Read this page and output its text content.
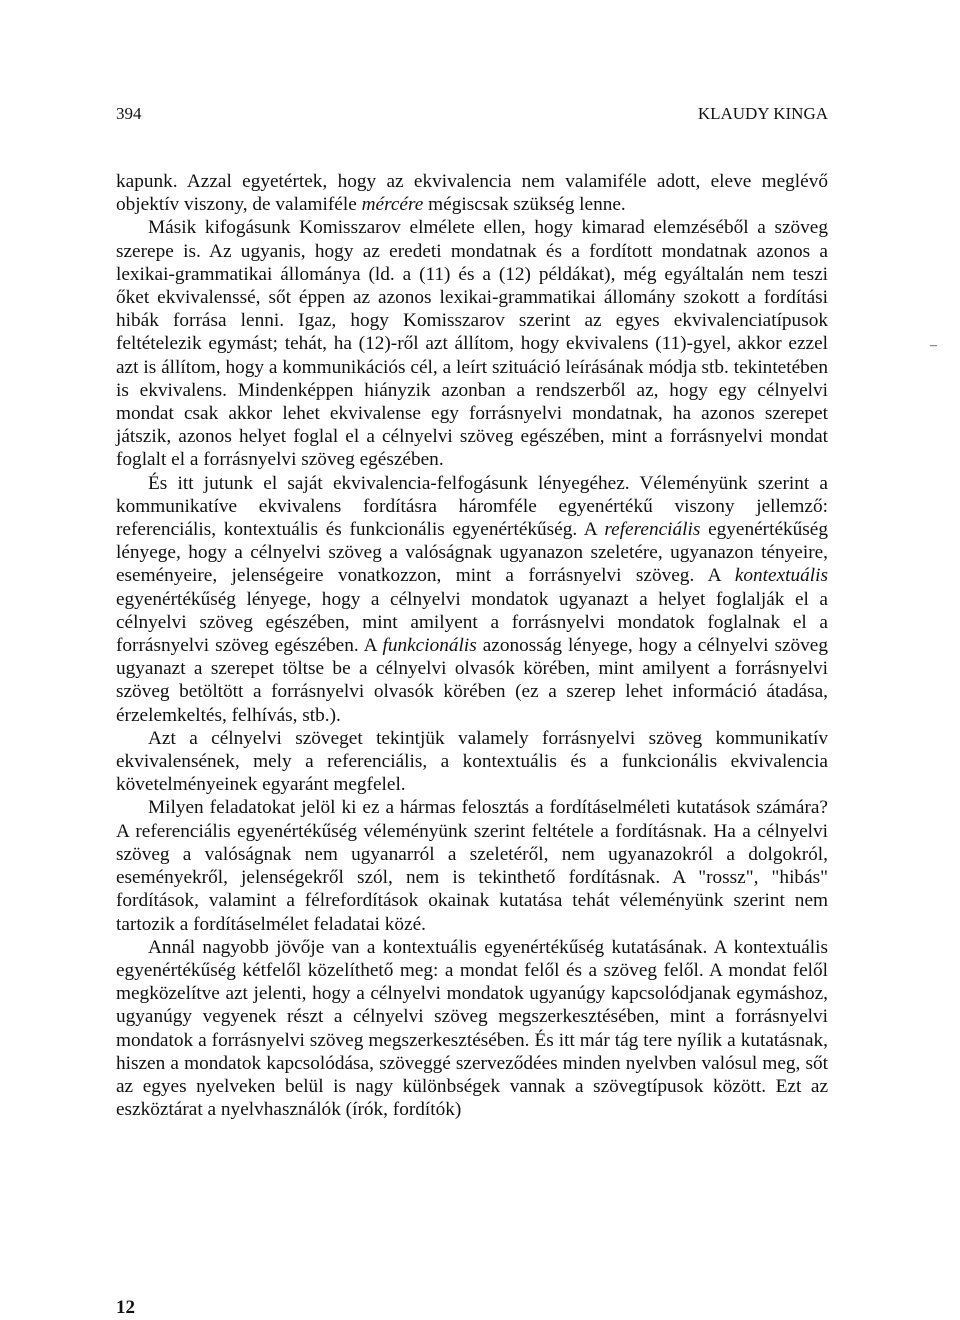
394	KLAUDY KINGA

kapunk. Azzal egyetértek, hogy az ekvivalencia nem valamiféle adott, eleve meglévő objektív viszony, de valamiféle mércére mégiscsak szükség lenne.

Másik kifogásunk Komisszarov elmélete ellen, hogy kimarad elemzéséből a szöveg szerepe is. Az ugyanis, hogy az eredeti mondatnak és a fordított mondatnak azonos a lexikai-grammatikai állománya (ld. a (11) és a (12) példákat), még egyáltalán nem teszi őket ekvivalenssé, sőt éppen az azonos lexikai-grammatikai állomány szokott a fordítási hibák forrása lenni. Igaz, hogy Komisszarov szerint az egyes ekvivalenciatípusok feltételezik egymást; tehát, ha (12)-ről azt állítom, hogy ekvivalens (11)-gyel, akkor ezzel azt is állítom, hogy a kommunikációs cél, a leírt szituáció leírásának módja stb. tekintetében is ekvivalens. Mindenképpen hiányzik azonban a rendszerből az, hogy egy célnyelvi mondat csak akkor lehet ekvivalense egy forrásnyelvi mondatnak, ha azonos szerepet játszik, azonos helyet foglal el a célnyelvi szöveg egészében, mint a forrásnyelvi mondat foglalt el a forrásnyelvi szöveg egészében.

És itt jutunk el saját ekvivalencia-felfogásunk lényegéhez. Véleményünk szerint a kommunikatíve ekvivalens fordításra háromféle egyenértékű viszony jellemző: referenciális, kontextuális és funkcionális egyenértékűség. A referenciális egyenértékűség lényege, hogy a célnyelvi szöveg a valóságnak ugyanazon szeletére, ugyanazon tényeire, eseményeire, jelenségeire vonatkozzon, mint a forrásnyelvi szöveg. A kontextuális egyenértékűség lényege, hogy a célnyelvi mondatok ugyanazt a helyet foglalják el a célnyelvi szöveg egészében, mint amilyent a forrásnyelvi mondatok foglalnak el a forrásnyelvi szöveg egészében. A funkcionális azonosság lényege, hogy a célnyelvi szöveg ugyanazt a szerepet töltse be a célnyelvi olvasók körében, mint amilyent a forrásnyelvi szöveg betöltött a forrásnyelvi olvasók körében (ez a szerep lehet információ átadása, érzelemkeltés, felhívás, stb.).

Azt a célnyelvi szöveget tekintjük valamely forrásnyelvi szöveg kommunikatív ekvivalensének, mely a referenciális, a kontextuális és a funkcionális ekvivalencia követelményeinek egyaránt megfelel.

Milyen feladatokat jelöl ki ez a hármas felosztás a fordításelméleti kutatások számára? A referenciális egyenértékűség véleményünk szerint feltétele a fordításnak. Ha a célnyelvi szöveg a valóságnak nem ugyanarról a szeletéről, nem ugyanazokról a dolgokról, eseményekről, jelenségekről szól, nem is tekinthető fordításnak. A "rossz", "hibás" fordítások, valamint a félrefordítások okainak kutatása tehát véleményünk szerint nem tartozik a fordításelmélet feladatai közé.

Annál nagyobb jövője van a kontextuális egyenértékűség kutatásának. A kontextuális egyenértékűség kétfelől közelíthető meg: a mondat felől és a szöveg felől. A mondat felől megközelítve azt jelenti, hogy a célnyelvi mondatok ugyanúgy kapcsolódjanak egymáshoz, ugyanúgy vegyenek részt a célnyelvi szöveg megszerkesztésében, mint a forrásnyelvi mondatok a forrásnyelvi szöveg megszerkesztésében. És itt már tág tere nyílik a kutatásnak, hiszen a mondatok kapcsolódása, szöveggé szerveződées minden nyelvben valósul meg, sőt az egyes nyelveken belül is nagy különbségek vannak a szövegtípusok között. Ezt az eszköztárat a nyelvhasználók (írók, fordítók)

–
12
